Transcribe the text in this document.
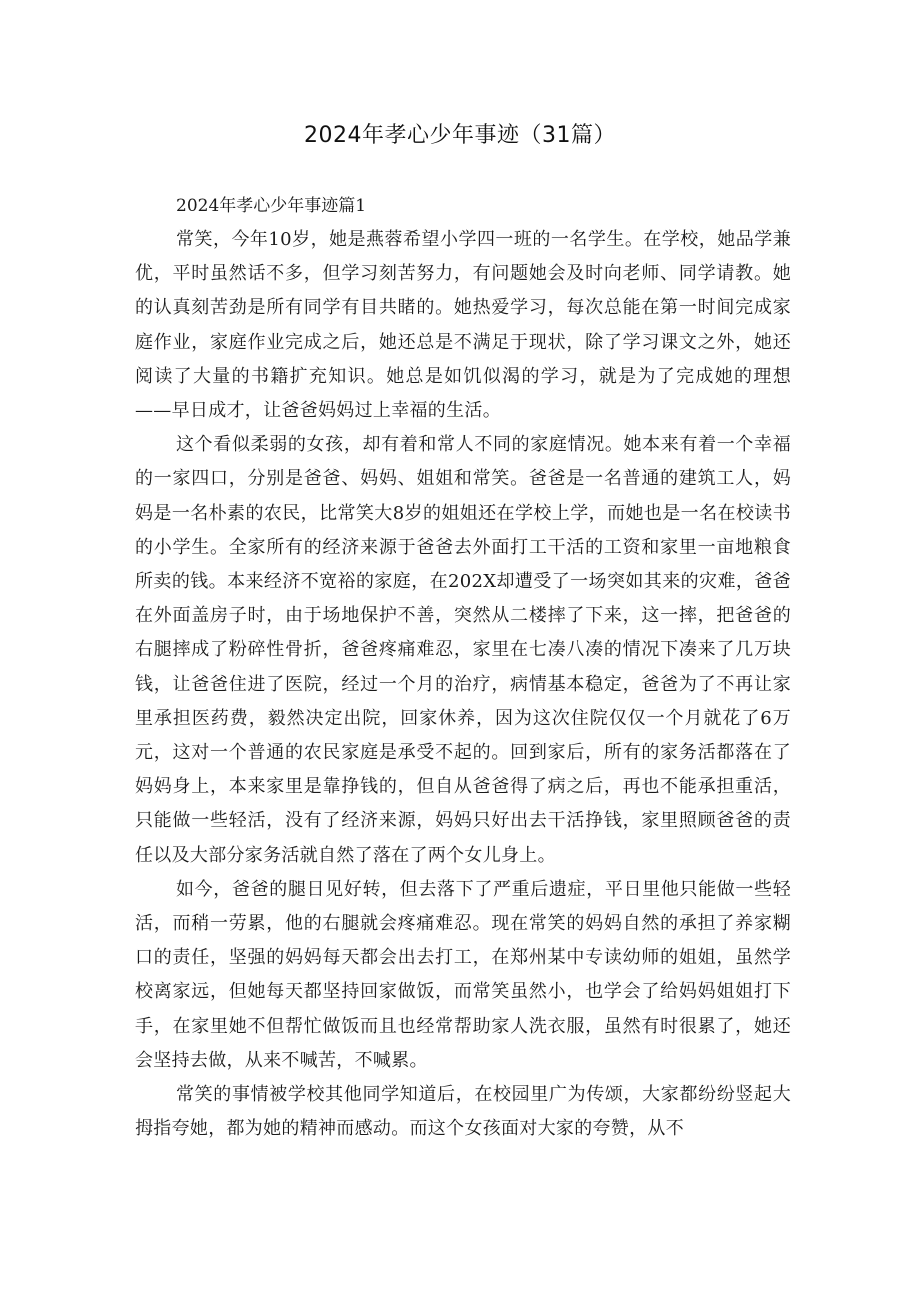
2024年孝心少年事迹（31篇）

2024年孝心少年事迹篇1

常笑，今年10岁，她是燕蓉希望小学四一班的一名学生。在学校，她品学兼优，平时虽然话不多，但学习刻苦努力，有问题她会及时向老师、同学请教。她的认真刻苦劲是所有同学有目共睹的。她热爱学习，每次总能在第一时间完成家庭作业，家庭作业完成之后，她还总是不满足于现状，除了学习课文之外，她还阅读了大量的书籍扩充知识。她总是如饥似渴的学习，就是为了完成她的理想——早日成才，让爸爸妈妈过上幸福的生活。

这个看似柔弱的女孩，却有着和常人不同的家庭情况。她本来有着一个幸福的一家四口，分别是爸爸、妈妈、姐姐和常笑。爸爸是一名普通的建筑工人，妈妈是一名朴素的农民，比常笑大8岁的姐姐还在学校上学，而她也是一名在校读书的小学生。全家所有的经济来源于爸爸去外面打工干活的工资和家里一亩地粮食所卖的钱。本来经济不宽裕的家庭，在202X却遭受了一场突如其来的灾难，爸爸在外面盖房子时，由于场地保护不善，突然从二楼摔了下来，这一摔，把爸爸的右腿摔成了粉碎性骨折，爸爸疼痛难忍，家里在七凑八凑的情况下凑来了几万块钱，让爸爸住进了医院，经过一个月的治疗，病情基本稳定，爸爸为了不再让家里承担医药费，毅然决定出院，回家休养，因为这次住院仅仅一个月就花了6万元，这对一个普通的农民家庭是承受不起的。回到家后，所有的家务活都落在了妈妈身上，本来家里是靠挣钱的，但自从爸爸得了病之后，再也不能承担重活，只能做一些轻活，没有了经济来源，妈妈只好出去干活挣钱，家里照顾爸爸的责任以及大部分家务活就自然了落在了两个女儿身上。

如今，爸爸的腿日见好转，但去落下了严重后遗症，平日里他只能做一些轻活，而稍一劳累，他的右腿就会疼痛难忍。现在常笑的妈妈自然的承担了养家糊口的责任，坚强的妈妈每天都会出去打工，在郑州某中专读幼师的姐姐，虽然学校离家远，但她每天都坚持回家做饭，而常笑虽然小，也学会了给妈妈姐姐打下手，在家里她不但帮忙做饭而且也经常帮助家人洗衣服，虽然有时很累了，她还会坚持去做，从来不喊苦，不喊累。

常笑的事情被学校其他同学知道后，在校园里广为传颂，大家都纷纷竖起大拇指夸她，都为她的精神而感动。而这个女孩面对大家的夸赞，从不
